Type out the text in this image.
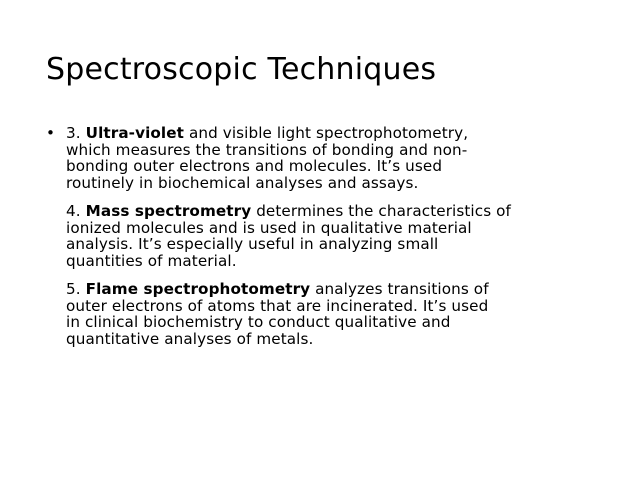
Spectroscopic Techniques
• 3. Ultra-violet and visible light spectrophotometry,
which measures the transitions of bonding and non-
bonding outer electrons and molecules. It’s used
routinely in biochemical analyses and assays.

4. Mass spectrometry determines the characteristics of
ionized molecules and is used in qualitative material
analysis. It’s especially useful in analyzing small
quantities of material.

5. Flame spectrophotometry analyzes transitions of
outer electrons of atoms that are incinerated. It’s used
in clinical biochemistry to conduct qualitative and
quantitative analyses of metals.
